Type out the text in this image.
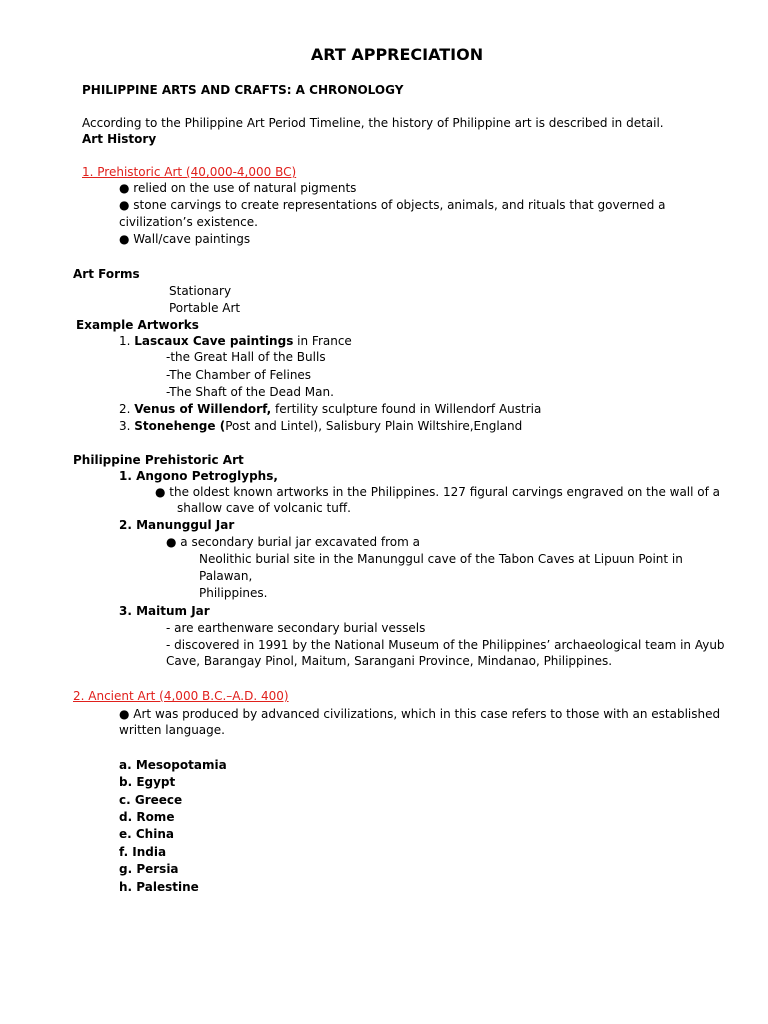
ART APPRECIATION
PHILIPPINE ARTS AND CRAFTS: A CHRONOLOGY
According to the Philippine Art Period Timeline, the history of Philippine art is described in detail.
Art History
1. Prehistoric Art (40,000-4,000 BC)
● relied on the use of natural pigments
● stone carvings to create representations of objects, animals, and rituals that governed a
civilization’s existence.
● Wall/cave paintings
Art Forms
Stationary
Portable Art
Example Artworks
1. Lascaux Cave paintings in France
-the Great Hall of the Bulls
-The Chamber of Felines
-The Shaft of the Dead Man.
2. Venus of Willendorf, fertility sculpture found in Willendorf Austria
3. Stonehenge (Post and Lintel), Salisbury Plain Wiltshire,England
Philippine Prehistoric Art
1. Angono Petroglyphs,
● the oldest known artworks in the Philippines. 127 figural carvings engraved on the wall of a
shallow cave of volcanic tuff.
2. Manunggul Jar
● a secondary burial jar excavated from a
Neolithic burial site in the Manunggul cave of the Tabon Caves at Lipuun Point in
Palawan,
Philippines.
3. Maitum Jar
- are earthenware secondary burial vessels
- discovered in 1991 by the National Museum of the Philippines’ archaeological team in Ayub
Cave, Barangay Pinol, Maitum, Sarangani Province, Mindanao, Philippines.
2. Ancient Art (4,000 B.C.–A.D. 400)
● Art was produced by advanced civilizations, which in this case refers to those with an established
written language.
a. Mesopotamia
b. Egypt
c. Greece
d. Rome
e. China
f. India
g. Persia
h. Palestine
